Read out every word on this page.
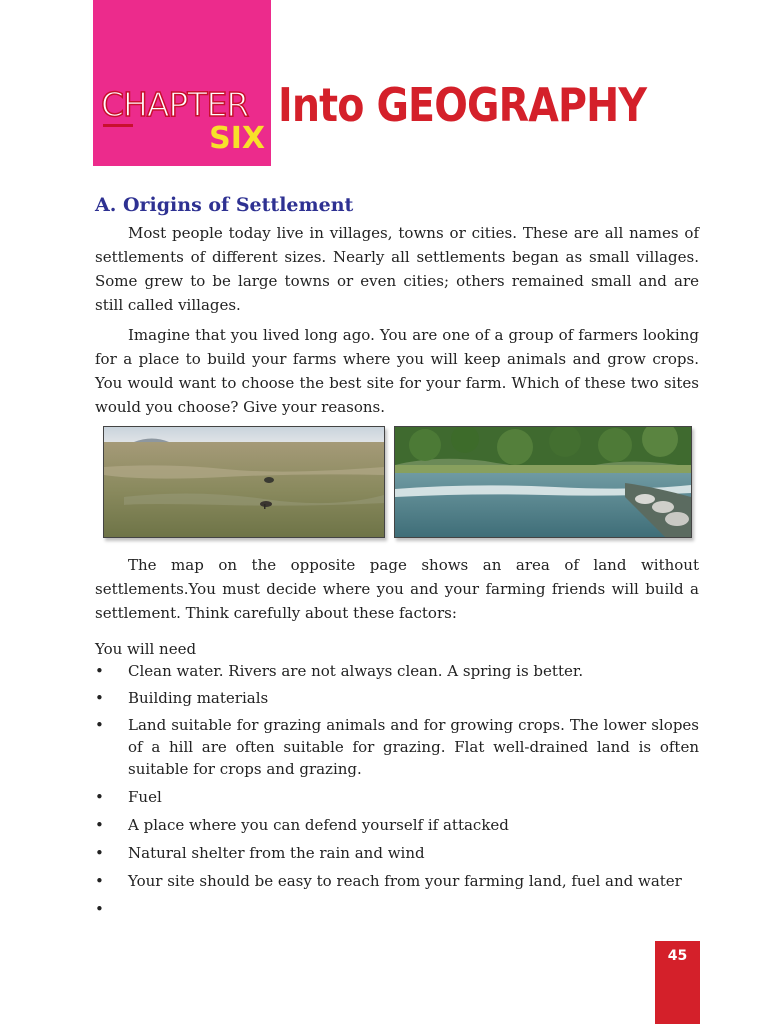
CHAPTER
SIX
Into GEOGRAPHY
A. Origins of Settlement

Most people today live in villages, towns or cities. These are all names of settlements of different sizes. Nearly all settlements began as small villages. Some grew to be large towns or even cities; others remained small and are still called villages.

Imagine that you lived long ago. You are one of a group of farmers looking for a place to build your farms where you will keep animals and grow crops. You would want to choose the best site for your farm. Which of these two sites would you choose? Give your reasons.

The map on the opposite page shows an area of land without settlements.You must decide where you and your farming friends will build a settlement. Think carefully about these factors:

You will need
• Clean water. Rivers are not always clean. A spring is better.
• Building materials
• Land suitable for grazing animals and for growing crops. The lower slopes of a hill are often suitable for grazing. Flat well-drained land is often suitable for crops and grazing.
• Fuel
• A place where you can defend yourself if attacked
• Natural shelter from the rain and wind
• Your site should be easy to reach from your farming land, fuel and water
•
45
